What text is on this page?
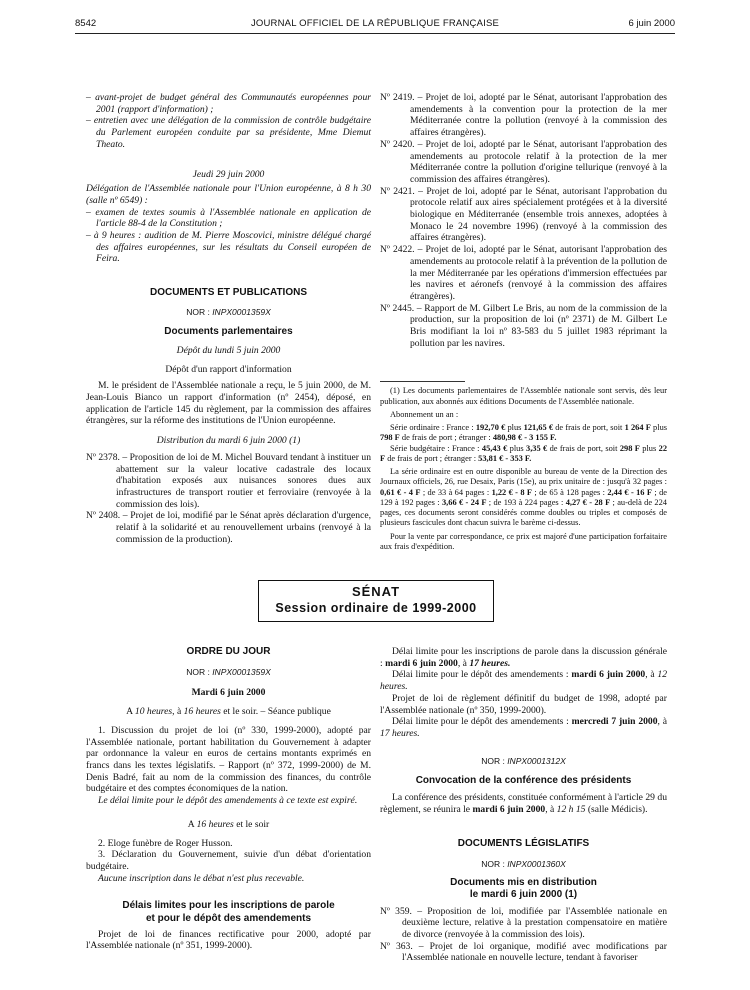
8542	JOURNAL OFFICIEL DE LA RÉPUBLIQUE FRANÇAISE	6 juin 2000

– avant-projet de budget général des Communautés européennes pour 2001 (rapport d'information) ;

– entretien avec une délégation de la commission de contrôle budgétaire du Parlement européen conduite par sa présidente, Mme Diemut Theato.

Jeudi 29 juin 2000

Délégation de l'Assemblée nationale pour l'Union européenne, à 8 h 30 (salle nº 6549) :

– examen de textes soumis à l'Assemblée nationale en application de l'article 88-4 de la Constitution ;

– à 9 heures : audition de M. Pierre Moscovici, ministre délégué chargé des affaires européennes, sur les résultats du Conseil européen de Feira.

DOCUMENTS ET PUBLICATIONS

NOR : INPX0001359X

Documents parlementaires

Dépôt du lundi 5 juin 2000

Dépôt d'un rapport d'information

M. le président de l'Assemblée nationale a reçu, le 5 juin 2000, de M. Jean-Louis Bianco un rapport d'information (nº 2454), déposé, en application de l'article 145 du règlement, par la commission des affaires étrangères, sur la réforme des institutions de l'Union européenne.

Distribution du mardi 6 juin 2000 (1)

Nº 2378. – Proposition de loi de M. Michel Bouvard tendant à instituer un abattement sur la valeur locative cadastrale des locaux d'habitation exposés aux nuisances sonores dues aux infrastructures de transport routier et ferroviaire (renvoyée à la commission des lois).

Nº 2408. – Projet de loi, modifié par le Sénat après déclaration d'urgence, relatif à la solidarité et au renouvellement urbains (renvoyé à la commission de la production).

Nº 2419. – Projet de loi, adopté par le Sénat, autorisant l'approbation des amendements à la convention pour la protection de la mer Méditerranée contre la pollution (renvoyé à la commission des affaires étrangères).

Nº 2420. – Projet de loi, adopté par le Sénat, autorisant l'approbation des amendements au protocole relatif à la protection de la mer Méditerranée contre la pollution d'origine tellurique (renvoyé à la commission des affaires étrangères).

Nº 2421. – Projet de loi, adopté par le Sénat, autorisant l'approbation du protocole relatif aux aires spécialement protégées et à la diversité biologique en Méditerranée (ensemble trois annexes, adoptées à Monaco le 24 novembre 1996) (renvoyé à la commission des affaires étrangères).

Nº 2422. – Projet de loi, adopté par le Sénat, autorisant l'approbation des amendements au protocole relatif à la prévention de la pollution de la mer Méditerranée par les opérations d'immersion effectuées par les navires et aéronefs (renvoyé à la commission des affaires étrangères).

Nº 2445. – Rapport de M. Gilbert Le Bris, au nom de la commission de la production, sur la proposition de loi (nº 2371) de M. Gilbert Le Bris modifiant la loi nº 83-583 du 5 juillet 1983 réprimant la pollution par les navires.

(1) Les documents parlementaires de l'Assemblée nationale sont servis, dès leur publication, aux abonnés aux éditions Documents de l'Assemblée nationale.

Abonnement un an :

Série ordinaire : France : 192,70 € plus 121,65 € de frais de port, soit 1 264 F plus 798 F de frais de port ; étranger : 480,98 € - 3 155 F.

Série budgétaire : France : 45,43 € plus 3,35 € de frais de port, soit 298 F plus 22 F de frais de port ; étranger : 53,81 € - 353 F.

La série ordinaire est en outre disponible au bureau de vente de la Direction des Journaux officiels, 26, rue Desaix, Paris (15e), au prix unitaire de : jusqu'à 32 pages : 0,61 € - 4 F ; de 33 à 64 pages : 1,22 € - 8 F ; de 65 à 128 pages : 2,44 € - 16 F ; de 129 à 192 pages : 3,66 € - 24 F ; de 193 à 224 pages : 4,27 € - 28 F ; au-delà de 224 pages, ces documents seront considérés comme doubles ou triples et composés de plusieurs fascicules dont chacun suivra le barème ci-dessus.

Pour la vente par correspondance, ce prix est majoré d'une participation forfaitaire aux frais d'expédition.

SÉNAT
Session ordinaire de 1999-2000

ORDRE DU JOUR

NOR : INPX0001359X

Mardi 6 juin 2000

A 10 heures, à 16 heures et le soir. – Séance publique

1. Discussion du projet de loi (nº 330, 1999-2000), adopté par l'Assemblée nationale, portant habilitation du Gouvernement à adapter par ordonnance la valeur en euros de certains montants exprimés en francs dans les textes législatifs. – Rapport (nº 372, 1999-2000) de M. Denis Badré, fait au nom de la commission des finances, du contrôle budgétaire et des comptes économiques de la nation.

Le délai limite pour le dépôt des amendements à ce texte est expiré.

A 16 heures et le soir

2. Eloge funèbre de Roger Husson.

3. Déclaration du Gouvernement, suivie d'un débat d'orientation budgétaire.

Aucune inscription dans le débat n'est plus recevable.

Délais limites pour les inscriptions de parole
et pour le dépôt des amendements

Projet de loi de finances rectificative pour 2000, adopté par l'Assemblée nationale (nº 351, 1999-2000).

Délai limite pour les inscriptions de parole dans la discussion générale : mardi 6 juin 2000, à 17 heures.

Délai limite pour le dépôt des amendements : mardi 6 juin 2000, à 12 heures.

Projet de loi de règlement définitif du budget de 1998, adopté par l'Assemblée nationale (nº 350, 1999-2000).

Délai limite pour le dépôt des amendements : mercredi 7 juin 2000, à 17 heures.

NOR : INPX0001312X

Convocation de la conférence des présidents

La conférence des présidents, constituée conformément à l'article 29 du règlement, se réunira le mardi 6 juin 2000, à 12 h 15 (salle Médicis).

DOCUMENTS LÉGISLATIFS

NOR : INPX0001360X

Documents mis en distribution
le mardi 6 juin 2000 (1)

Nº 359. – Proposition de loi, modifiée par l'Assemblée nationale en deuxième lecture, relative à la prestation compensatoire en matière de divorce (renvoyée à la commission des lois).

Nº 363. – Projet de loi organique, modifié avec modifications par l'Assemblée nationale en nouvelle lecture, tendant à favoriser
